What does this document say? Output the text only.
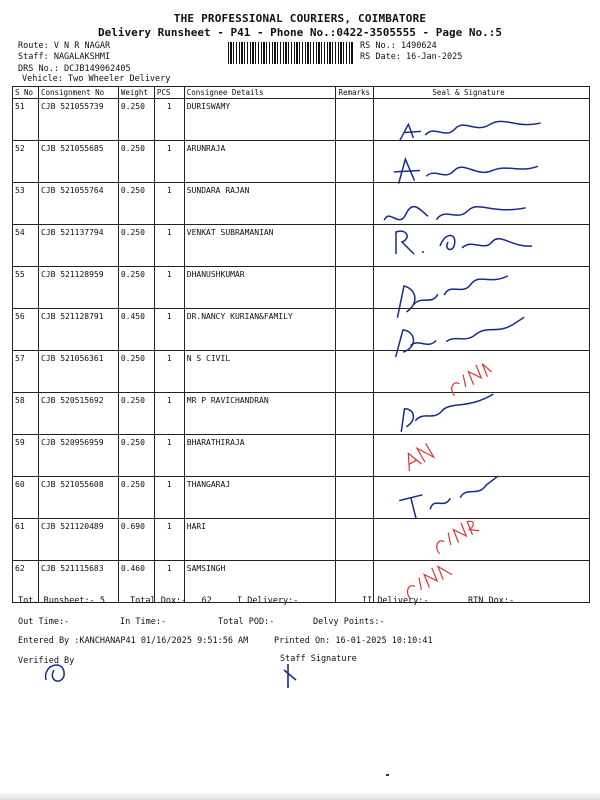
THE PROFESSIONAL COURIERS, COIMBATORE
Delivery Runsheet - P41 - Phone No.:0422-3505555 - Page No.:5
Route: V N R NAGAR
Staff: NAGALAKSHMI
DRS No.: DCJB149062405
Vehicle: Two Wheeler Delivery
RS No.: 1490624
RS Date: 16-Jan-2025
S No	Consignment No	Weight	PCS	Consignee Details	Remarks	Seal & Signature
51	CJB 521055739	0.250	1	DURISWAMY		
52	CJB 521055685	0.250	1	ARUNRAJA		
53	CJB 521055764	0.250	1	SUNDARA RAJAN		
54	CJB 521137794	0.250	1	VENKAT SUBRAMANIAN		
55	CJB 521128959	0.250	1	DHANUSHKUMAR		
56	CJB 521128791	0.450	1	DR.NANCY KURIAN&FAMILY		
57	CJB 521056361	0.250	1	N S CIVIL		
58	CJB 520515692	0.250	1	MR P RAVICHANDRAN		
59	CJB 520956959	0.250	1	BHARATHIRAJA		
60	CJB 521055608	0.250	1	THANGARAJ		
61	CJB 521120489	0.690	1	HARI		
62	CJB 521115683	0.460	1	SAMSINGH		
Tot. Runsheet:- 5	Total Dox:-   62	I Delivery:-	II Delivery:-	RTN Dox:-
Out Time:-	In Time:-	Total POD:-	Delvy Points:-
Entered By :KANCHANAP41 01/16/2025 9:51:56 AM	Printed On: 16-01-2025 10:10:41
Verified By	Staff Signature
